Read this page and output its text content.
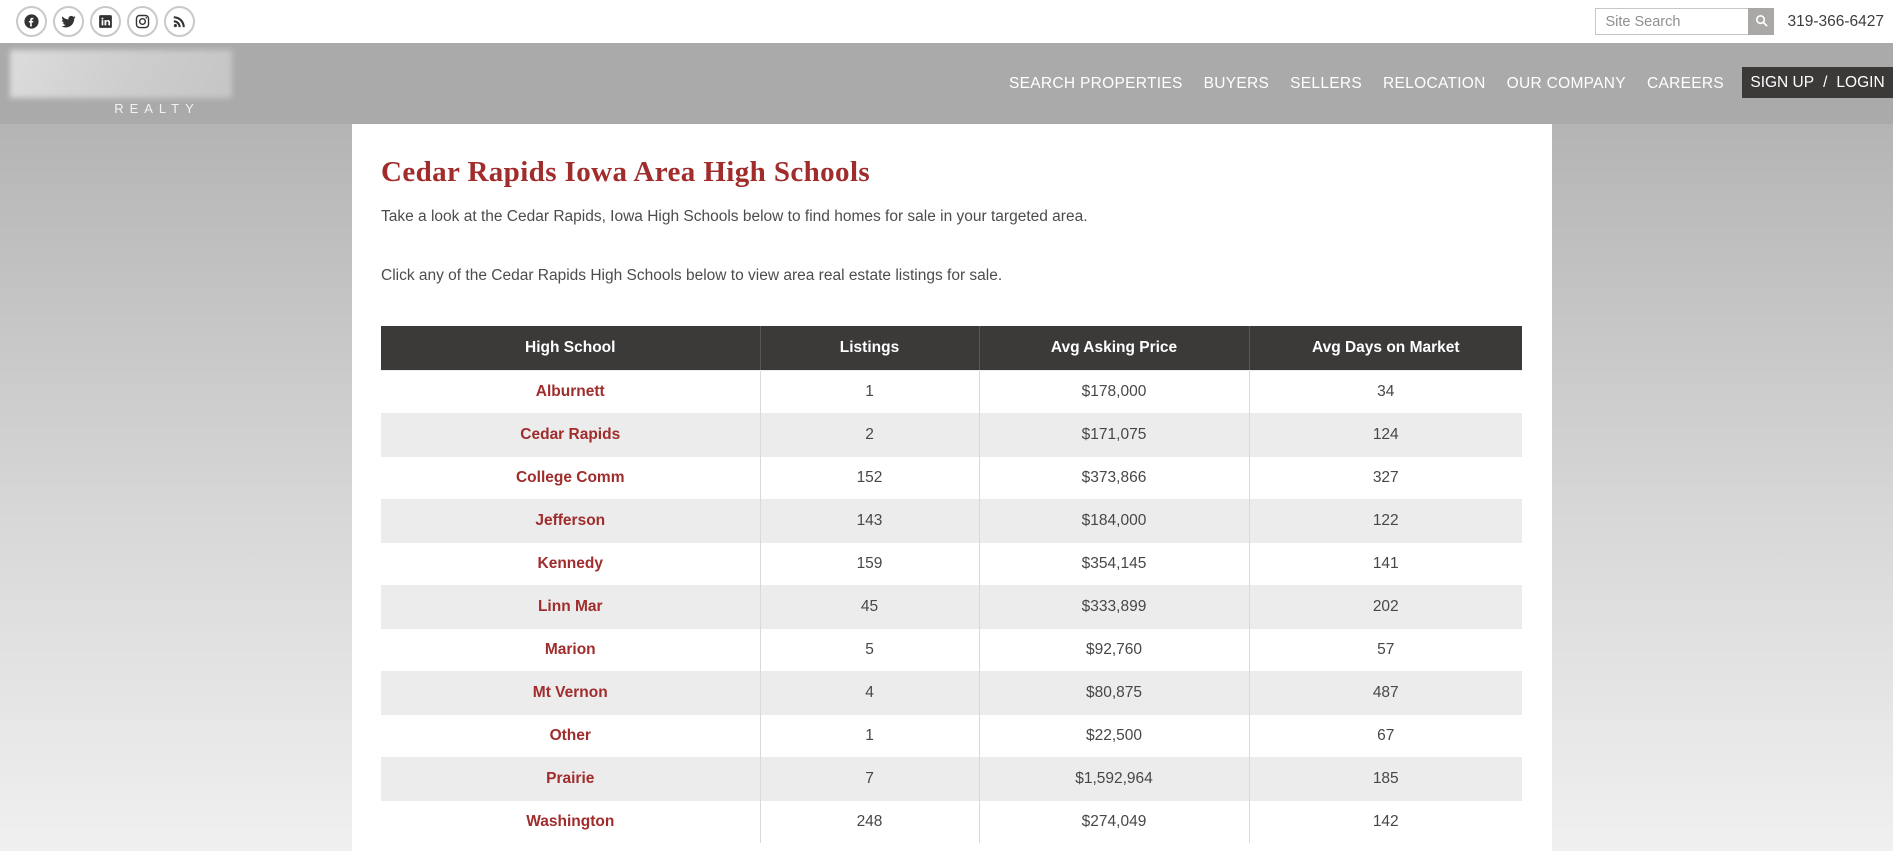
Site Search
319-366-6427
REALTY
SEARCH PROPERTIES BUYERS SELLERS RELOCATION OUR COMPANY CAREERS SIGN UP / LOGIN
Cedar Rapids Iowa Area High Schools

Take a look at the Cedar Rapids, Iowa High Schools below to find homes for sale in your targeted area.

Click any of the Cedar Rapids High Schools below to view area real estate listings for sale.

High School	Listings	Avg Asking Price	Avg Days on Market
Alburnett	1	$178,000	34
Cedar Rapids	2	$171,075	124
College Comm	152	$373,866	327
Jefferson	143	$184,000	122
Kennedy	159	$354,145	141
Linn Mar	45	$333,899	202
Marion	5	$92,760	57
Mt Vernon	4	$80,875	487
Other	1	$22,500	67
Prairie	7	$1,592,964	185
Washington	248	$274,049	142
